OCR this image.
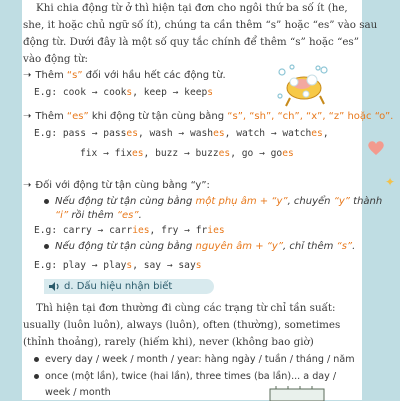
Khi chia động từ ở thì hiện tại đơn cho ngôi thứ ba số ít (he,

she, it hoặc chủ ngữ số ít), chúng ta cần thêm “s” hoặc “es” vào sau

động từ. Dưới đây là một số quy tắc chính để thêm “s” hoặc “es”

vào động từ:

➝ Thêm “s” đối với hầu hết các động từ.

E.g: cook → cooks, keep → keeps

➝ Thêm “es” khi động từ tận cùng bằng “s”, “sh”, “ch”, “x”, “z” hoặc “o”.

E.g: pass → passes, wash → washes, watch → watches,

fix → fixes, buzz → buzzes, go → goes

➝ Đối với động từ tận cùng bằng “y”:

Nếu động từ tận cùng bằng một phụ âm + “y”, chuyển “y” thành

“i” rồi thêm “es”.

E.g: carry → carries, fry → fries

Nếu động từ tận cùng bằng nguyên âm + “y”, chỉ thêm “s”.

E.g: play → plays, say → says

d. Dấu hiệu nhận biết

Thì hiện tại đơn thường đi cùng các trạng từ chỉ tần suất:

usually (luôn luôn), always (luôn), often (thường), sometimes

(thỉnh thoảng), rarely (hiếm khi), never (không bao giờ)

every day / week / month / year: hàng ngày / tuần / tháng / năm

once (một lần), twice (hai lần), three times (ba lần)... a day /

week / month

✦
